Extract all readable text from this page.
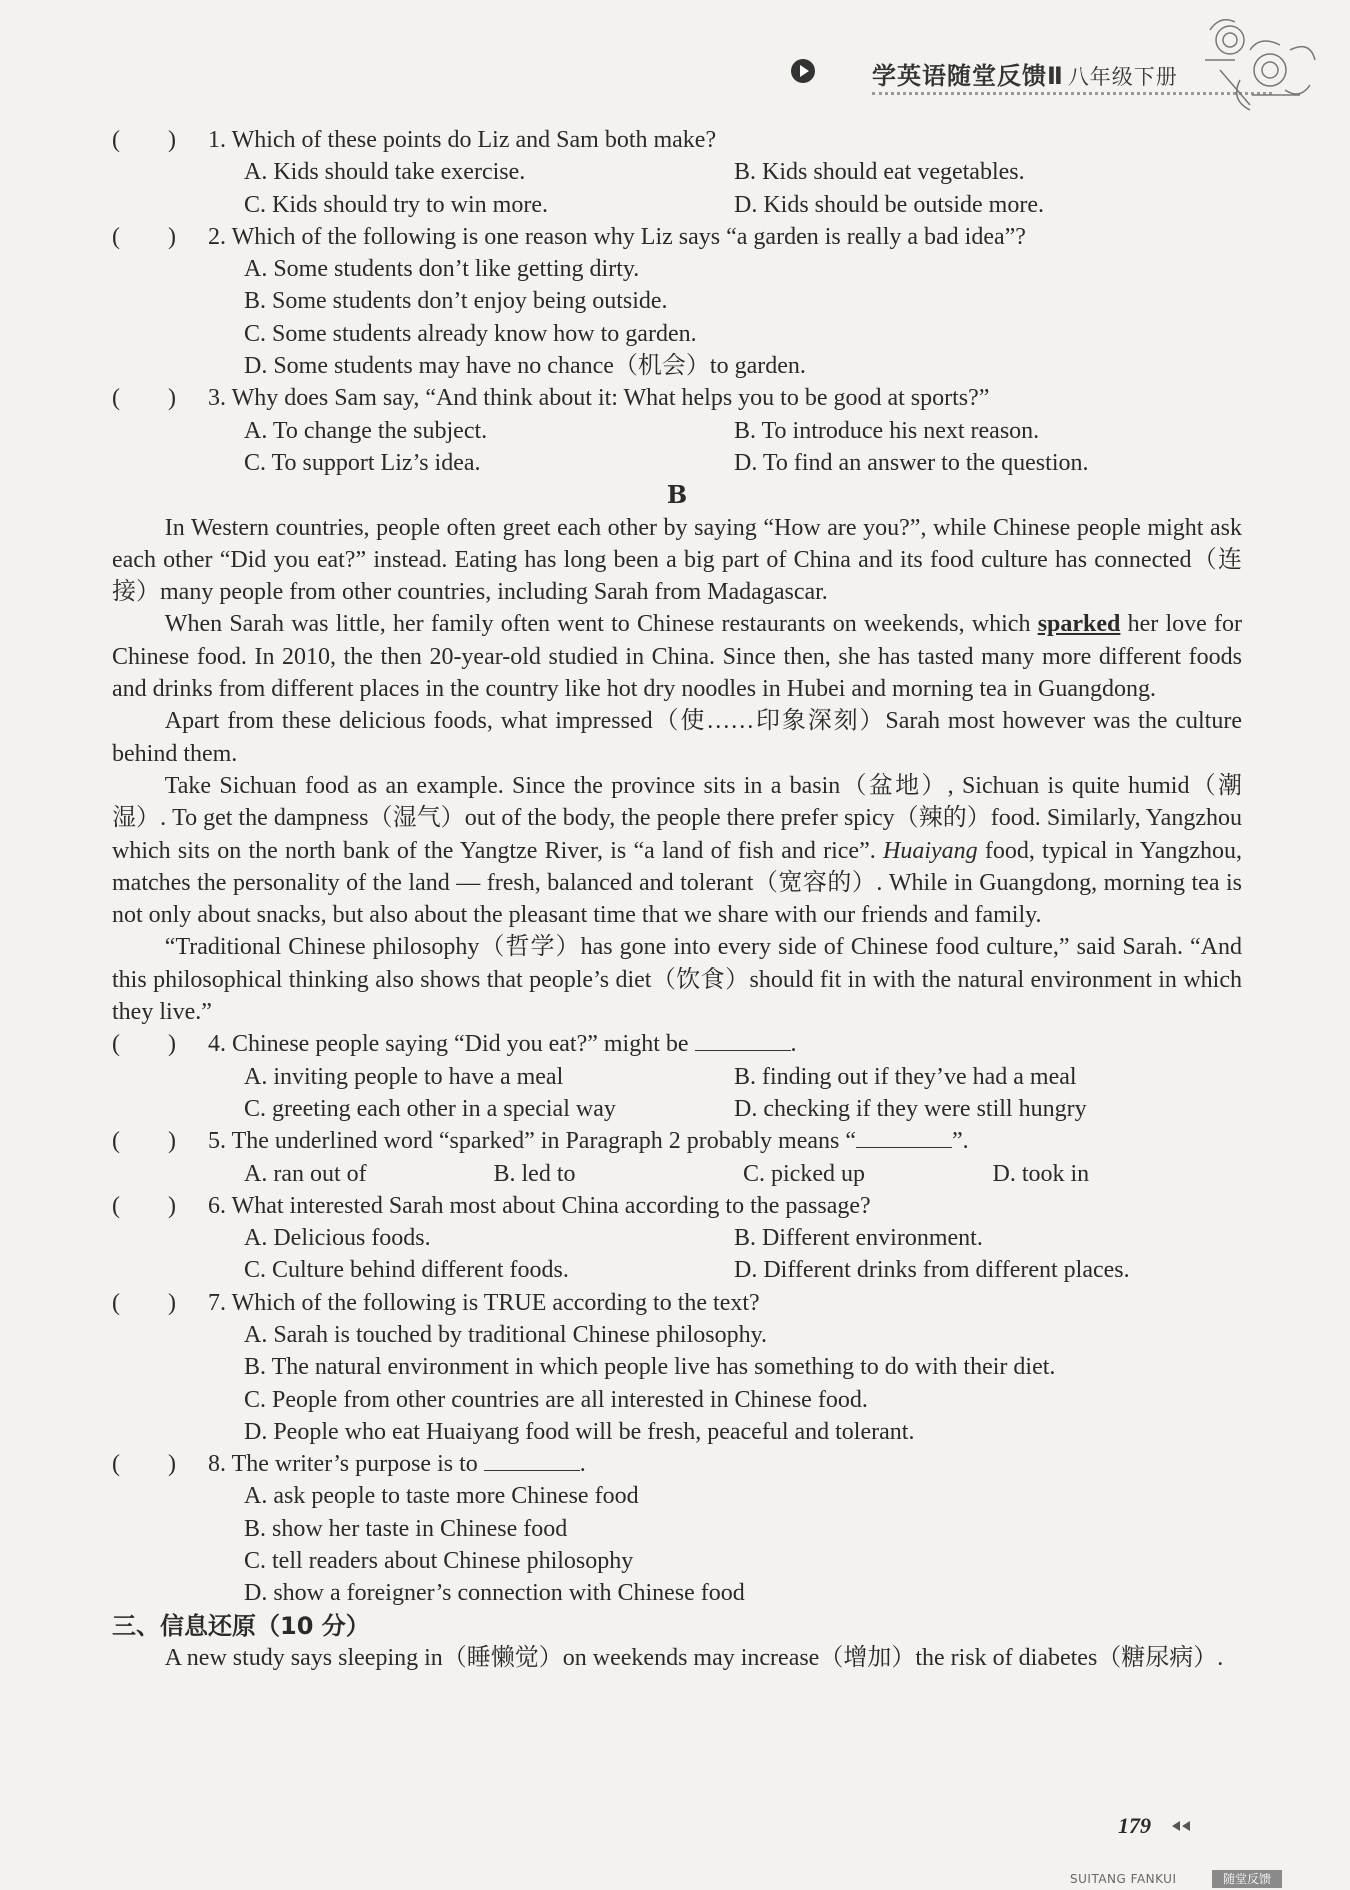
学英语随堂反馈Ⅱ 八年级下册
(　　) 1. Which of these points do Liz and Sam both make?
A. Kids should take exercise.	B. Kids should eat vegetables.
C. Kids should try to win more.	D. Kids should be outside more.
(　　) 2. Which of the following is one reason why Liz says “a garden is really a bad idea”?
A. Some students don’t like getting dirty.
B. Some students don’t enjoy being outside.
C. Some students already know how to garden.
D. Some students may have no chance（机会）to garden.
(　　) 3. Why does Sam say, “And think about it: What helps you to be good at sports?”
A. To change the subject.	B. To introduce his next reason.
C. To support Liz’s idea.	D. To find an answer to the question.
B
In Western countries, people often greet each other by saying “How are you?”, while Chinese people might ask each other “Did you eat?” instead. Eating has long been a big part of China and its food culture has connected（连接）many people from other countries, including Sarah from Madagascar.
When Sarah was little, her family often went to Chinese restaurants on weekends, which sparked her love for Chinese food. In 2010, the then 20-year-old studied in China. Since then, she has tasted many more different foods and drinks from different places in the country like hot dry noodles in Hubei and morning tea in Guangdong.
Apart from these delicious foods, what impressed（使……印象深刻）Sarah most however was the culture behind them.
Take Sichuan food as an example. Since the province sits in a basin（盆地）, Sichuan is quite humid（潮湿）. To get the dampness（湿气）out of the body, the people there prefer spicy（辣的）food. Similarly, Yangzhou which sits on the north bank of the Yangtze River, is “a land of fish and rice”. Huaiyang food, typical in Yangzhou, matches the personality of the land — fresh, balanced and tolerant（宽容的）. While in Guangdong, morning tea is not only about snacks, but also about the pleasant time that we share with our friends and family.
“Traditional Chinese philosophy（哲学）has gone into every side of Chinese food culture,” said Sarah. “And this philosophical thinking also shows that people’s diet（饮食）should fit in with the natural environment in which they live.”
(　　) 4. Chinese people saying “Did you eat?” might be	.
A. inviting people to have a meal	B. finding out if they’ve had a meal
C. greeting each other in a special way	D. checking if they were still hungry
(　　) 5. The underlined word “sparked” in Paragraph 2 probably means “	”.
A. ran out of	B. led to	C. picked up	D. took in
(　　) 6. What interested Sarah most about China according to the passage?
A. Delicious foods.	B. Different environment.
C. Culture behind different foods.	D. Different drinks from different places.
(　　) 7. Which of the following is TRUE according to the text?
A. Sarah is touched by traditional Chinese philosophy.
B. The natural environment in which people live has something to do with their diet.
C. People from other countries are all interested in Chinese food.
D. People who eat Huaiyang food will be fresh, peaceful and tolerant.
(　　) 8. The writer’s purpose is to	.
A. ask people to taste more Chinese food
B. show her taste in Chinese food
C. tell readers about Chinese philosophy
D. show a foreigner’s connection with Chinese food
三、信息还原（10 分）
A new study says sleeping in（睡懒觉）on weekends may increase（增加）the risk of diabetes（糖尿病）.
179
SUITANG FANKUI	随堂反馈
